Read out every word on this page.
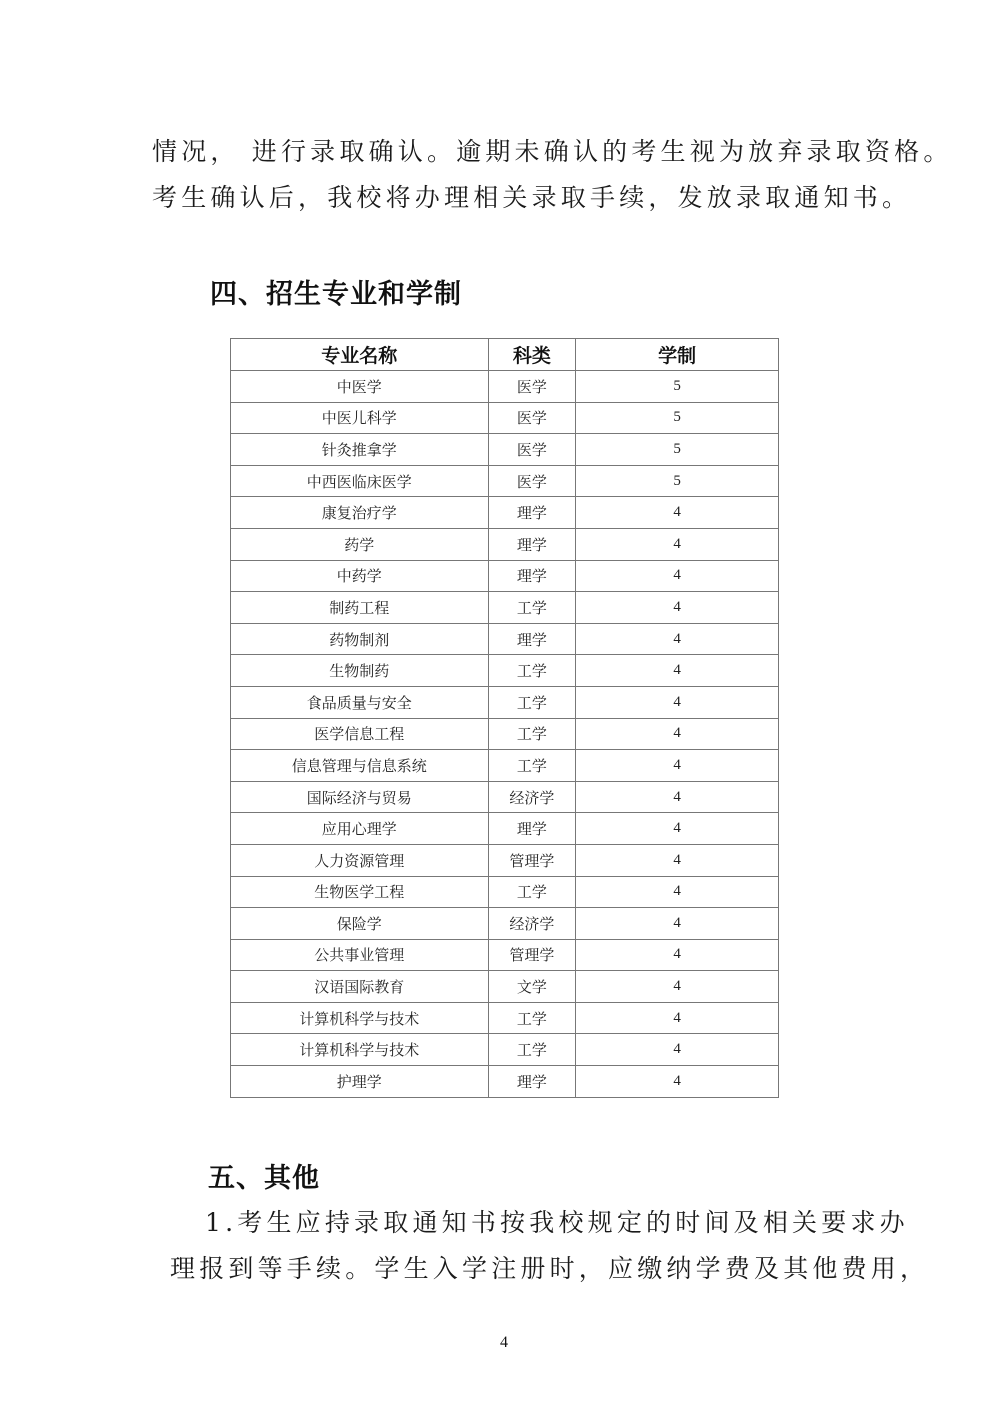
情况， 进行录取确认。逾期未确认的考生视为放弃录取资格。
考生确认后，我校将办理相关录取手续，发放录取通知书。
四、招生专业和学制
专业名称	科类	学制
中医学	医学	5
中医儿科学	医学	5
针灸推拿学	医学	5
中西医临床医学	医学	5
康复治疗学	理学	4
药学	理学	4
中药学	理学	4
制药工程	工学	4
药物制剂	理学	4
生物制药	工学	4
食品质量与安全	工学	4
医学信息工程	工学	4
信息管理与信息系统	工学	4
国际经济与贸易	经济学	4
应用心理学	理学	4
人力资源管理	管理学	4
生物医学工程	工学	4
保险学	经济学	4
公共事业管理	管理学	4
汉语国际教育	文学	4
计算机科学与技术	工学	4
计算机科学与技术	工学	4
护理学	理学	4
五、其他
1.考生应持录取通知书按我校规定的时间及相关要求办
理报到等手续。学生入学注册时，应缴纳学费及其他费用，
4
